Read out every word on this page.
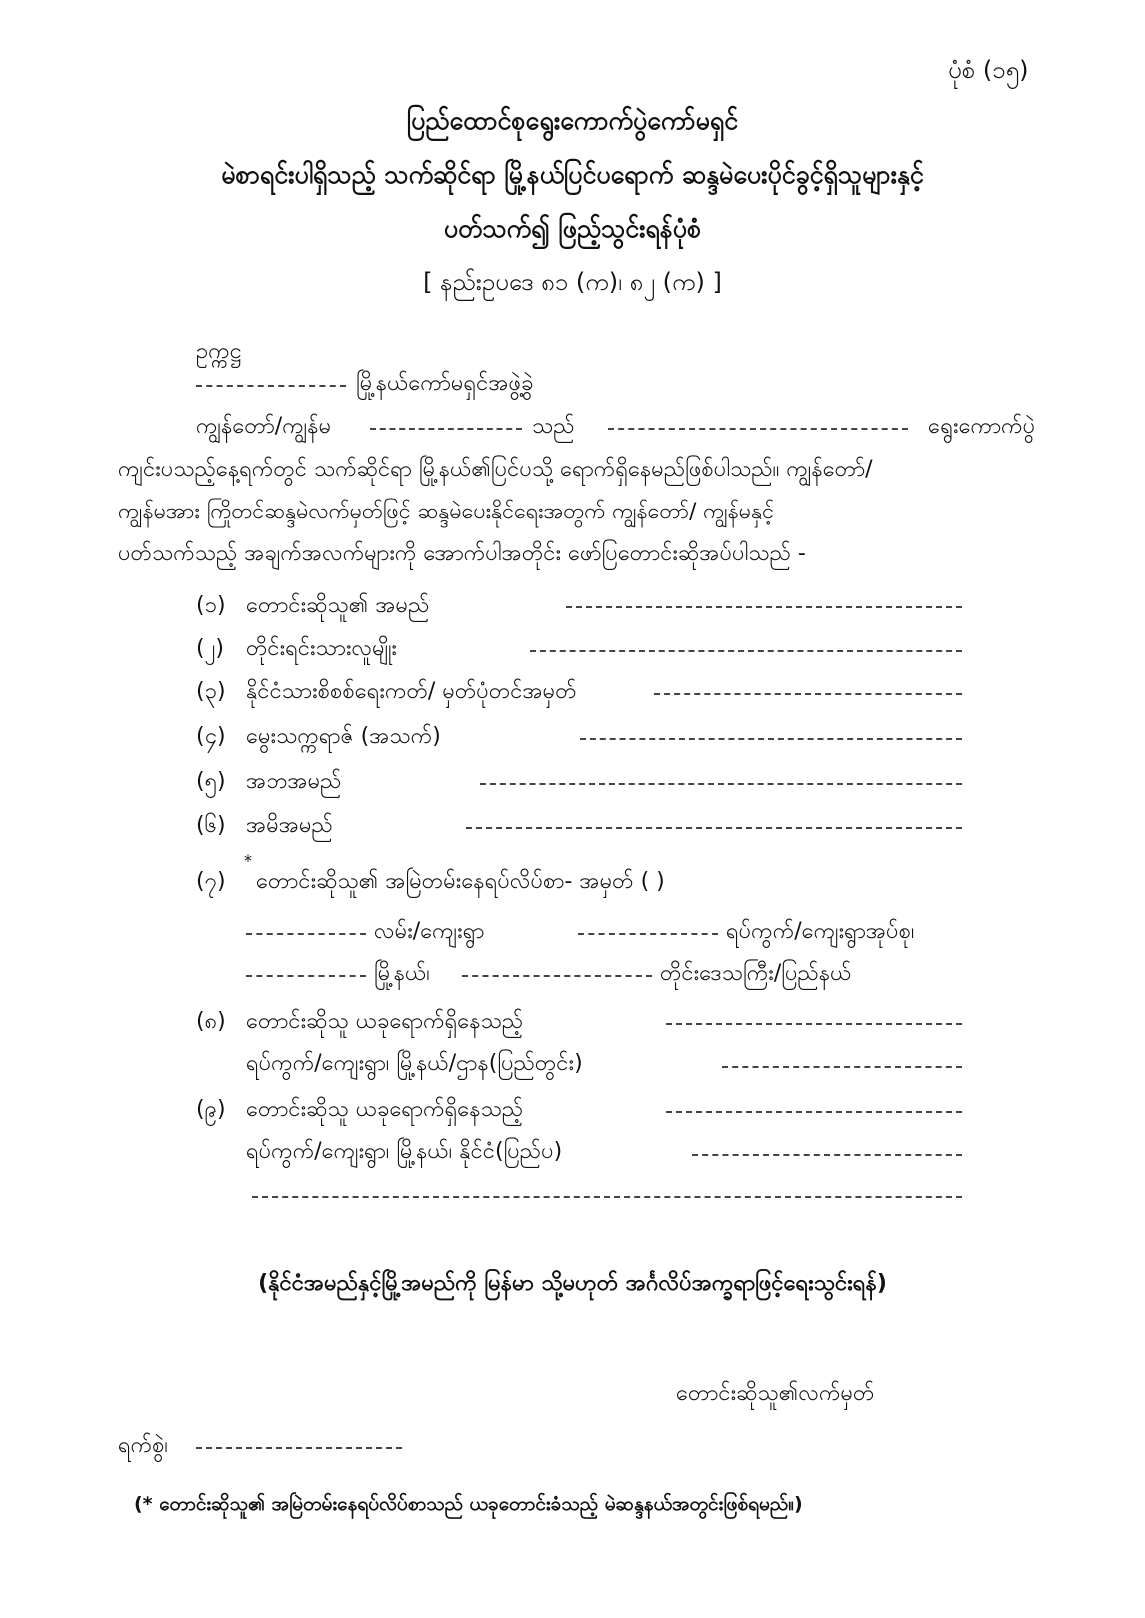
ပုံစံ (၁၅)
ပြည်ထောင်စုရွေးကောက်ပွဲကော်မရှင်
မဲစာရင်းပါရှိသည့် သက်ဆိုင်ရာ မြို့နယ်ပြင်ပရောက် ဆန္ဒမဲပေးပိုင်ခွင့်ရှိသူများနှင့်
ပတ်သက်၍ ဖြည့်သွင်းရန်ပုံစံ
[ နည်းဥပဒေ ၈၁ (က)၊ ၈၂ (က) ]
ဥက္ကဋ္ဌ
မြို့နယ်ကော်မရှင်အဖွဲ့ခွဲ
ကျွန်တော်/ကျွန်မ	သည်	ရွေးကောက်ပွဲ
ကျင်းပသည့်နေ့ရက်တွင် သက်ဆိုင်ရာ မြို့နယ်၏ပြင်ပသို့ ရောက်ရှိနေမည်ဖြစ်ပါသည်။ ကျွန်တော်/
ကျွန်မအား ကြိုတင်ဆန္ဒမဲလက်မှတ်ဖြင့် ဆန္ဒမဲပေးနိုင်ရေးအတွက် ကျွန်တော်/ ကျွန်မနှင့်
ပတ်သက်သည့် အချက်အလက်များကို အောက်ပါအတိုင်း ဖော်ပြတောင်းဆိုအပ်ပါသည် -
(၁) တောင်းဆိုသူ၏ အမည်
(၂) တိုင်းရင်းသားလူမျိုး
(၃) နိုင်ငံသားစိစစ်ရေးကတ်/ မှတ်ပုံတင်အမှတ်
(၄) မွေးသက္ကရာဇ် (အသက်)
(၅) အဘအမည်
(၆) အမိအမည်
(၇)
*
တောင်းဆိုသူ၏ အမြဲတမ်းနေရပ်လိပ်စာ- အမှတ် ( )
လမ်း/ကျေးရွာ	ရပ်ကွက်/ကျေးရွာအုပ်စု၊
မြို့နယ်၊	တိုင်းဒေသကြီး/ပြည်နယ်
(၈) တောင်းဆိုသူ ယခုရောက်ရှိနေသည့်
ရပ်ကွက်/ကျေးရွာ၊ မြို့နယ်/ဌာန(ပြည်တွင်း)
(၉) တောင်းဆိုသူ ယခုရောက်ရှိနေသည့်
ရပ်ကွက်/ကျေးရွာ၊ မြို့နယ်၊ နိုင်ငံ(ပြည်ပ)
(နိုင်ငံအမည်နှင့်မြို့အမည်ကို မြန်မာ သို့မဟုတ် အင်္ဂလိပ်အက္ခရာဖြင့်ရေးသွင်းရန်)
တောင်းဆိုသူ၏လက်မှတ်
ရက်စွဲ၊
(* တောင်းဆိုသူ၏ အမြဲတမ်းနေရပ်လိပ်စာသည် ယခုတောင်းခံသည့် မဲဆန္ဒနယ်အတွင်းဖြစ်ရမည်။)
